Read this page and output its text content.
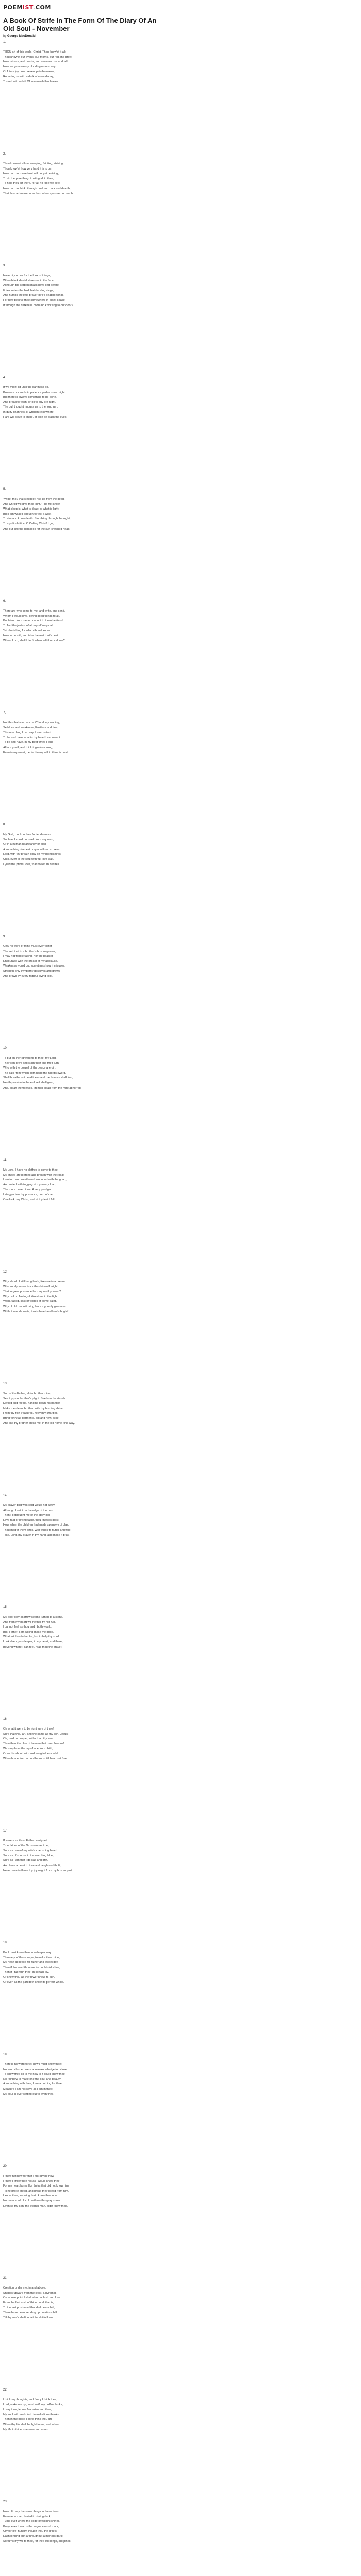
POEM IST . COM
A Book Of Strife In The Form Of The Diary Of An Old Soul - November
by George MacDonald
1.
THOU art of this world, Christ. Thou know'st it all;
Thou know'st our evens, our morns, our red and gray;
How mirrors, and hearts, and seasons rise and fall;
How we grow weary plodding on our way;
Of future joy how present pain bereaves,
Rounding us with a dark of mere decay,
Tossed with a drift Of summer-fallen leaves.
2.
Thou knowest all our weeping, fainting, striving;
Thou know'st how very hard it is to be;
How hard to rouse faint will not yet reviving;
To do the pure thing, trusting all to thee;
To hold thou art there, for all no face we see;
How hard to think, through cold and dark and dearth,
That thou art nearer now than when eye-seen on earth.
3.
Have pity on us for the look of things,
When blank denial stares us in the face.
Although the serpent mask have lied before,
It fascinates the bird that darkling sings,
And numbs the little prayer-bird's beating wings.
For how believe thee somewhere in blank space,
If through the darkness come no knocking to our door?
4.
If we might sit until the darkness go,
Possess our souls in patience perhaps we might;
But there is always something to be done,
And bread to fetch, or oil to buy ere night.
The dull thought nudges us to the long run,
In gulfy channels, ill-wrought elsewhere,
Hard will strive to shine, or else be black the eyes.
5.
"Wide, thou that sleepest; rise up from the dead,
And Christ will give thee light." I do not know
What sleep is; what is dead; or what is light;
But I am waked enough to feel a woe,
To rise and know death. Stumbling through the night,
To my dim lattice, O Calling Christ! I go,
And out into the dark look for the sun-crowned head.
6.
There are who come to me, and write, and send,
Whom I would love, giving good things to all,
But friend from name I cannot to them befriend.
To find the justest of all myself may call
Yet cherishing for which thou'd know,
How to be still, and take the rest that's best
When, Lord, shall I be fit when wilt thou call me?
7.
Not this that was, nor rent? In all my waning,
Self-love and weakness, Eastless and free;
This one thing I can say: I am content
To be and have what in thy heart I am meant
To be and have. In my best times I long
After my will, and think it glorious song;
Even in my worst, perfect in my will to thine is bent.
8.
My God, I look to thee for tenderness
Such as I could not seek from any man,
Or in a human heart fancy or plan —
A something deepest prayer will not express:
Lord, with thy breath blow on my being's fires,
Until, even in the soul with full love wax,
I yield the primal love, that no return desires.
9.
Only no word of mine must ever foster
The self that in a brother's bosom gnaws;
I may not fondle failing, nor the boaster
Encourage with the breath of my applause.
Weakness would cry, sometimes how it misuses.
Strength only sympathy deserves and draws —
And grows by every faithful loving look.
10.
To but an inert drowning-to thee, my Lord,
They can drive and stain their end their turn
Who with the gospel of thy peace are girt;
The balk from which doth hang the Spirit's sword,
Shall breathe out deadliness and the horrors shall fear,
Neath passion to the evil self shall gear,
And, clean themselves, lift men clean from the mire abhorred.
11.
My Lord, I have no clothes to come to thee;
My shoes are pierced and broken with the road;
I am torn and weathered, wounded with the goad,
And soiled with tugging at my weary load;
The more I need thee! A very prodigal
I stagger into thy presence, Lord of me:
One look, my Christ, and at thy feet I fall!
12.
Why should I still hang back, like one in a dream,
Who surely sense its clothes himself aright,
That in great presence he may worthy seem?
Why call up feelings? Wrest me in the fight
Worn, faded, cast off-robes of some saint?
Why of old moonlit bring back a ghostly gleam —
While there He waits, love's heart and love's bright!
13.
Son of the Father, elder brother mine,
See thy poor brother's plight: See how he stands
Defiled and feeble, hanging down his hands!
Make me clean, brother, with thy burning shine;
From thy rich treasures, heavenly charities,
Bring forth fair garments, old and new, alike;
And like thy brother dress me, in the old home-kind way.
14.
My prayer-bird was cold-would not away,
Although I set it on the edge of the nest.
Then I bethought me of the story old —
Love-fact or loving fable, thou knowest best —
How, when the children had made sparrows of clay,
Thou mad'st them birds, with wings to flutter and fold:
Take, Lord, my prayer in thy hand, and make it pray.
15.
My poor clay-sparrow seems turned to a stone,
And from my heart will neither fly nor run.
I cannot feel as thou and I both would;
But, Father, I am willing-make me good.
What art thou father for, but to help thy son?
Look deep, yes deeper, in my heart, and there,
Beyond where I can feel, read thou the prayer.
16.
Oh what it were to be right sure of thee!
Sure that thou art, and the same as thy son, Jesus!
Oh, hold us deeper, wider than thy sea,
Thou than the blue of heaven that over flees us!
We simple as the cry of one from child,
Or as his shout, with sudden gladness wild,
When home from school he runs, till heart set free.
17.
If were sure thou, Father, verily art,
True father of the Nazarene as true,
Sure as I am of my wife's cherishing heart,
Sure as of sunrise in the watching blue,
Sure as I am that I do sad and drift,
And have a heart to love and laugh and thrift,
Nevermore in flame thy joy might from my bosom part.
18.
But I must know thee in a deeper way
Than any of these ways, to make thee mine;
My heart at peace for father and sweet day
Then if the wind thou me for doubt old shine,
Then if I tug with thee, in certain joy,
Or knew thou as the flower knew its sun,
Or even as the part doth know its perfect whole.
19.
There is no word to tell how I must know thee;
No wind clasped were a love-knowledge too close:
To know thee so to me now is it could show thee.
No rainbow to make one the soul-and-beauty;
A something with thee, I am a nothing for thee.
Measure I am not save as I am in thee;
My soul in ever setting out to even thee.
20.
I know not how-for that I first divine how
I know I know thee not as I would know thee;
For my heart burns like theirs that did not know him,
Till he broke bread, and brake their bread from him.
I know thee, knowing that I know thee now
Nor ever shall till cold with earth's gray snow
Even so thy son, the eternal man, didst know thee.
21.
Creation under me, in and above,
Shapes upward from the least, a pyramid,
On whose point I shall stand at last, and love.
From the first rush of thine on all that is,
To the last post-word that darkness chid,
There have been sending up creations hill,
Till thy son's shaft in faithful dutiful love.
22.
I think my thoughts, and fancy I think thee;
Lord, wake me up; send swift my coffin-planks,
I pray thee, let me fear-alive and thee;
My soul will break forth in melodious thanks,
Then in the place I go to think thou art;
When thy life shall be light in me, and when
My life to thine is answer and amen.
23.
How oft I say the same things in these lines!
Even as a man, buried in during dark,
Turns ever where the edge of twilight shines,
Prays ever towards the vague eternal mark,
Cry for life, hungry, though thou the drinks,
Each longing drift a throughout a mortal's dark:
So turns my will to thee, for thee still longs, still pines.
